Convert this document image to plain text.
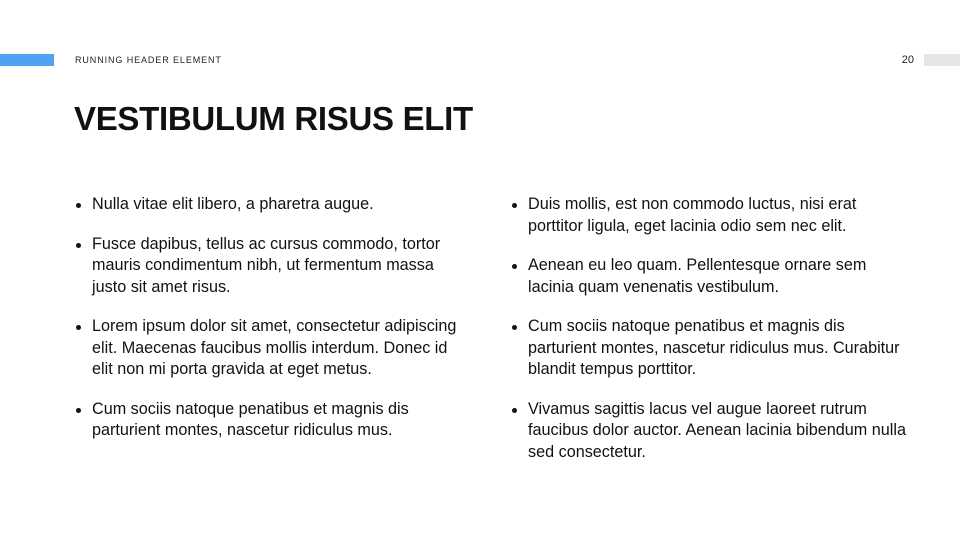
RUNNING HEADER ELEMENT	20
VESTIBULUM RISUS ELIT
Nulla vitae elit libero, a pharetra augue.
Fusce dapibus, tellus ac cursus commodo, tortor mauris condimentum nibh, ut fermentum massa justo sit amet risus.
Lorem ipsum dolor sit amet, consectetur adipiscing elit. Maecenas faucibus mollis interdum. Donec id elit non mi porta gravida at eget metus.
Cum sociis natoque penatibus et magnis dis parturient montes, nascetur ridiculus mus.
Duis mollis, est non commodo luctus, nisi erat porttitor ligula, eget lacinia odio sem nec elit.
Aenean eu leo quam. Pellentesque ornare sem lacinia quam venenatis vestibulum.
Cum sociis natoque penatibus et magnis dis parturient montes, nascetur ridiculus mus. Curabitur blandit tempus porttitor.
Vivamus sagittis lacus vel augue laoreet rutrum faucibus dolor auctor. Aenean lacinia bibendum nulla sed consectetur.
